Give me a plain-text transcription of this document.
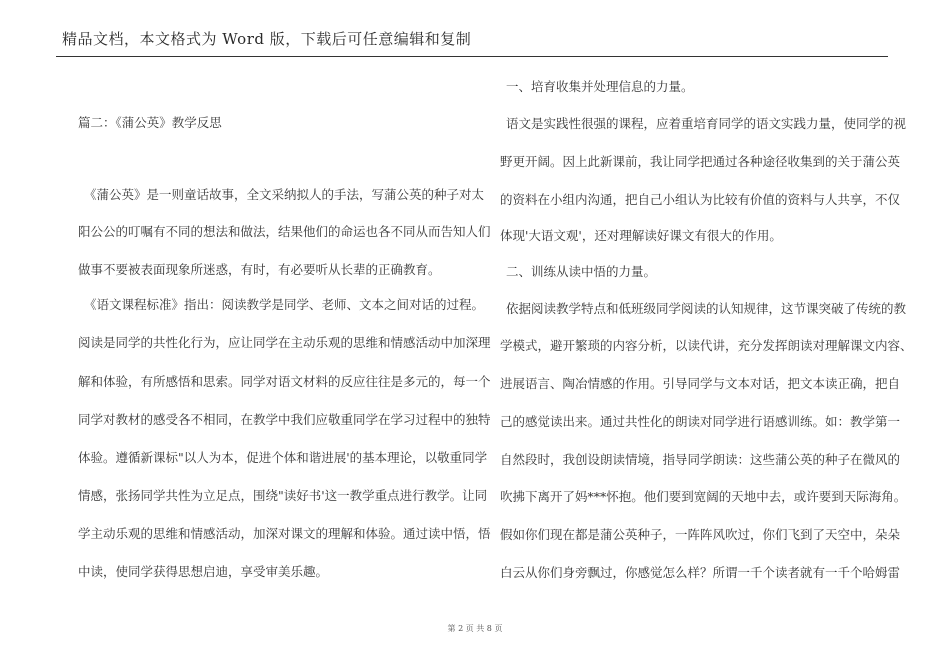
精品文档，本文格式为 Word 版，下载后可任意编辑和复制
篇二：《蒲公英》教学反思
《蒲公英》是一则童话故事，全文采纳拟人的手法，写蒲公英的种子对太
阳公公的叮嘱有不同的想法和做法，结果他们的命运也各不同从而告知人们
做事不要被表面现象所迷惑，有时，有必要听从长辈的正确教育。
《语文课程标准》指出：阅读教学是同学、老师、文本之间对话的过程。
阅读是同学的共性化行为，应让同学在主动乐观的思维和情感活动中加深理
解和体验，有所感悟和思索。同学对语文材料的反应往往是多元的，每一个
同学对教材的感受各不相同，在教学中我们应敬重同学在学习过程中的独特
体验。遵循新课标"以人为本，促进个体和谐进展'的基本理论，以敬重同学
情感，张扬同学共性为立足点，围绕"读好书'这一教学重点进行教学。让同
学主动乐观的思维和情感活动，加深对课文的理解和体验。通过读中悟，悟
中读，使同学获得思想启迪，享受审美乐趣。
一、培育收集并处理信息的力量。
语文是实践性很强的课程，应着重培育同学的语文实践力量，使同学的视
野更开阔。因上此新课前，我让同学把通过各种途径收集到的关于蒲公英
的资料在小组内沟通，把自己小组认为比较有价值的资料与人共享，不仅
体现'大语文观'，还对理解读好课文有很大的作用。
二、训练从读中悟的力量。
依据阅读教学特点和低班级同学阅读的认知规律，这节课突破了传统的教
学模式，避开繁琐的内容分析，以读代讲，充分发挥朗读对理解课文内容、
进展语言、陶冶情感的作用。引导同学与文本对话，把文本读正确，把自
己的感觉读出来。通过共性化的朗读对同学进行语感训练。如：教学第一
自然段时，我创设朗读情境，指导同学朗读：这些蒲公英的种子在微风的
吹拂下离开了妈***怀抱。他们要到宽阔的天地中去，或许要到天际海角。
假如你们现在都是蒲公英种子，一阵阵风吹过，你们飞到了天空中，朵朵
白云从你们身旁飘过，你感觉怎么样？所谓一千个读者就有一千个哈姆雷
第 2 页 共 8 页
